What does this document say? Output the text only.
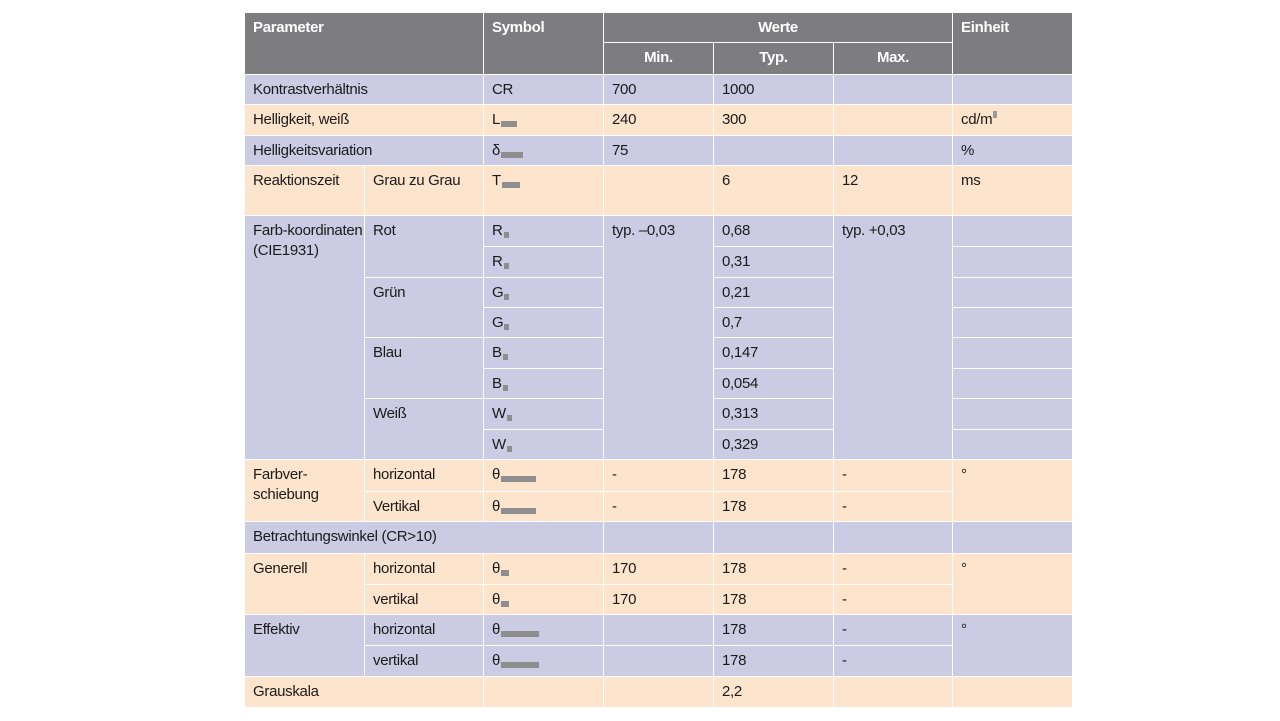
Parameter		Symbol	Werte			Einheit
			Min.	Typ.	Max.	
Kontrastverhältnis		CR	700	1000		
Helligkeit, weiß		L	240	300		cd/m
Helligkeitsvariation		δ	75			%
Reaktionszeit	Grau zu Grau	T		6	12	ms
Farb-koordinaten (CIE1931)	Rot	R	typ. –0,03	0,68	typ. +0,03	
		R		0,31		
	Grün	G		0,21		
		G		0,7		
	Blau	B		0,147		
		B		0,054		
	Weiß	W		0,313		
		W		0,329		
Farbver-schiebung	horizontal	θ	-	178	-	°
	Vertikal	θ	-	178	-	
Betrachtungswinkel (CR>10)						
Generell	horizontal	θ	170	178	-	°
	vertikal	θ	170	178	-	
Effektiv	horizontal	θ		178	-	°
	vertikal	θ		178	-	
Grauskala				2,2		
